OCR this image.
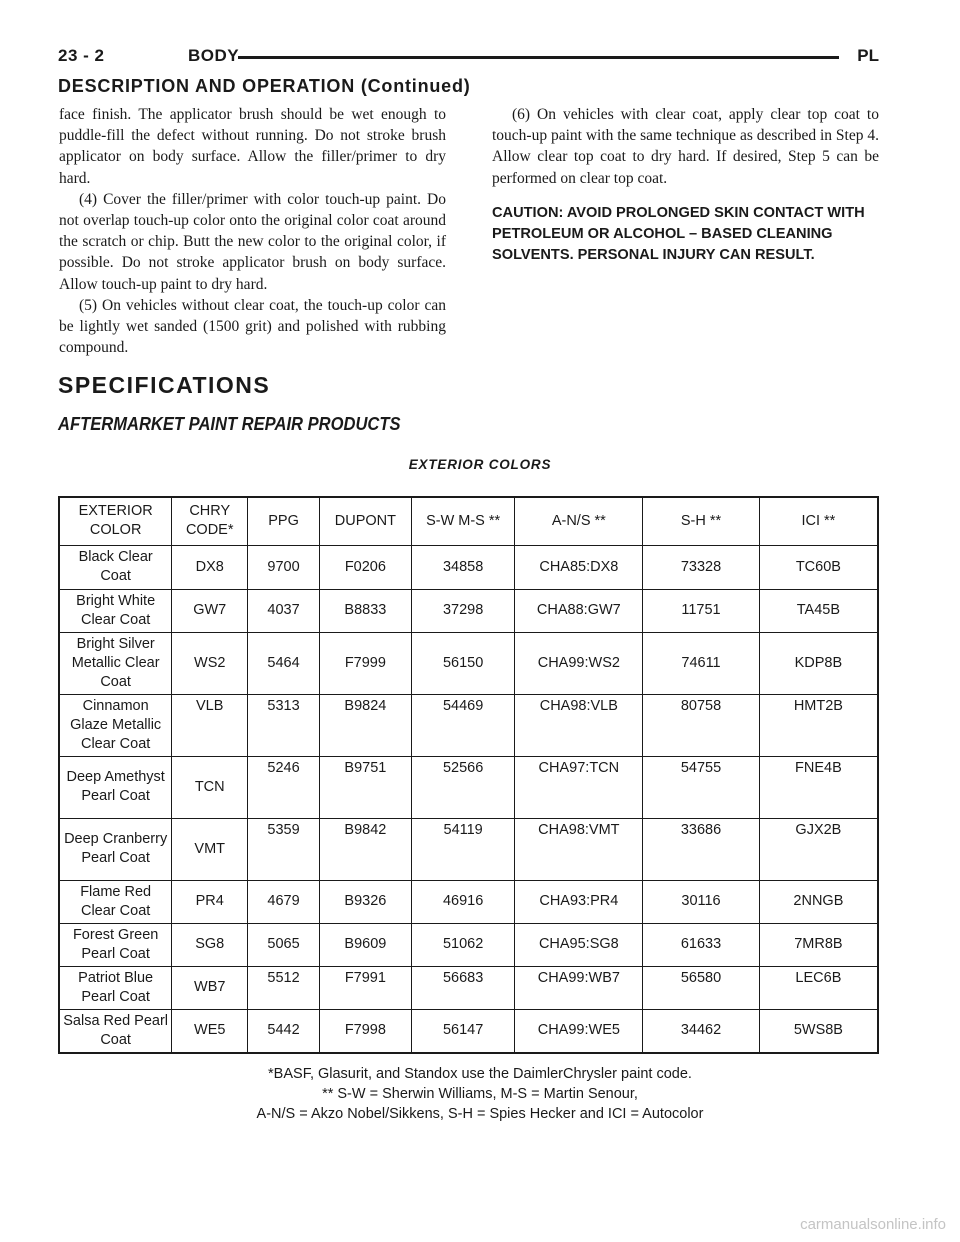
23 - 2	BODY	PL
DESCRIPTION AND OPERATION (Continued)

face finish. The applicator brush should be wet enough to puddle-fill the defect without running. Do not stroke brush applicator on body surface. Allow the filler/primer to dry hard.

(4) Cover the filler/primer with color touch-up paint. Do not overlap touch-up color onto the original color coat around the scratch or chip. Butt the new color to the original color, if possible. Do not stroke applicator brush on body surface. Allow touch-up paint to dry hard.

(5) On vehicles without clear coat, the touch-up color can be lightly wet sanded (1500 grit) and polished with rubbing compound.

(6) On vehicles with clear coat, apply clear top coat to touch-up paint with the same technique as described in Step 4. Allow clear top coat to dry hard. If desired, Step 5 can be performed on clear top coat.

CAUTION: AVOID PROLONGED SKIN CONTACT WITH PETROLEUM OR ALCOHOL – BASED CLEANING SOLVENTS. PERSONAL INJURY CAN RESULT.

SPECIFICATIONS
AFTERMARKET PAINT REPAIR PRODUCTS
EXTERIOR COLORS
EXTERIOR COLOR	CHRY CODE*	PPG	DUPONT	S-W M-S **	A-N/S **	S-H **	ICI **
Black Clear Coat	DX8	9700	F0206	34858	CHA85:DX8	73328	TC60B
Bright White Clear Coat	GW7	4037	B8833	37298	CHA88:GW7	11751	TA45B
Bright Silver Metallic Clear Coat	WS2	5464	F7999	56150	CHA99:WS2	74611	KDP8B
Cinnamon Glaze Metallic Clear Coat	VLB	5313	B9824	54469	CHA98:VLB	80758	HMT2B
Deep Amethyst Pearl Coat	TCN	5246	B9751	52566	CHA97:TCN	54755	FNE4B
Deep Cranberry Pearl Coat	VMT	5359	B9842	54119	CHA98:VMT	33686	GJX2B
Flame Red Clear Coat	PR4	4679	B9326	46916	CHA93:PR4	30116	2NNGB
Forest Green Pearl Coat	SG8	5065	B9609	51062	CHA95:SG8	61633	7MR8B
Patriot Blue Pearl Coat	WB7	5512	F7991	56683	CHA99:WB7	56580	LEC6B
Salsa Red Pearl Coat	WE5	5442	F7998	56147	CHA99:WE5	34462	5WS8B

*BASF, Glasurit, and Standox use the DaimlerChrysler paint code.

** S-W = Sherwin Williams, M-S = Martin Senour,

A-N/S = Akzo Nobel/Sikkens, S-H = Spies Hecker and ICI = Autocolor

carmanualsonline.info
